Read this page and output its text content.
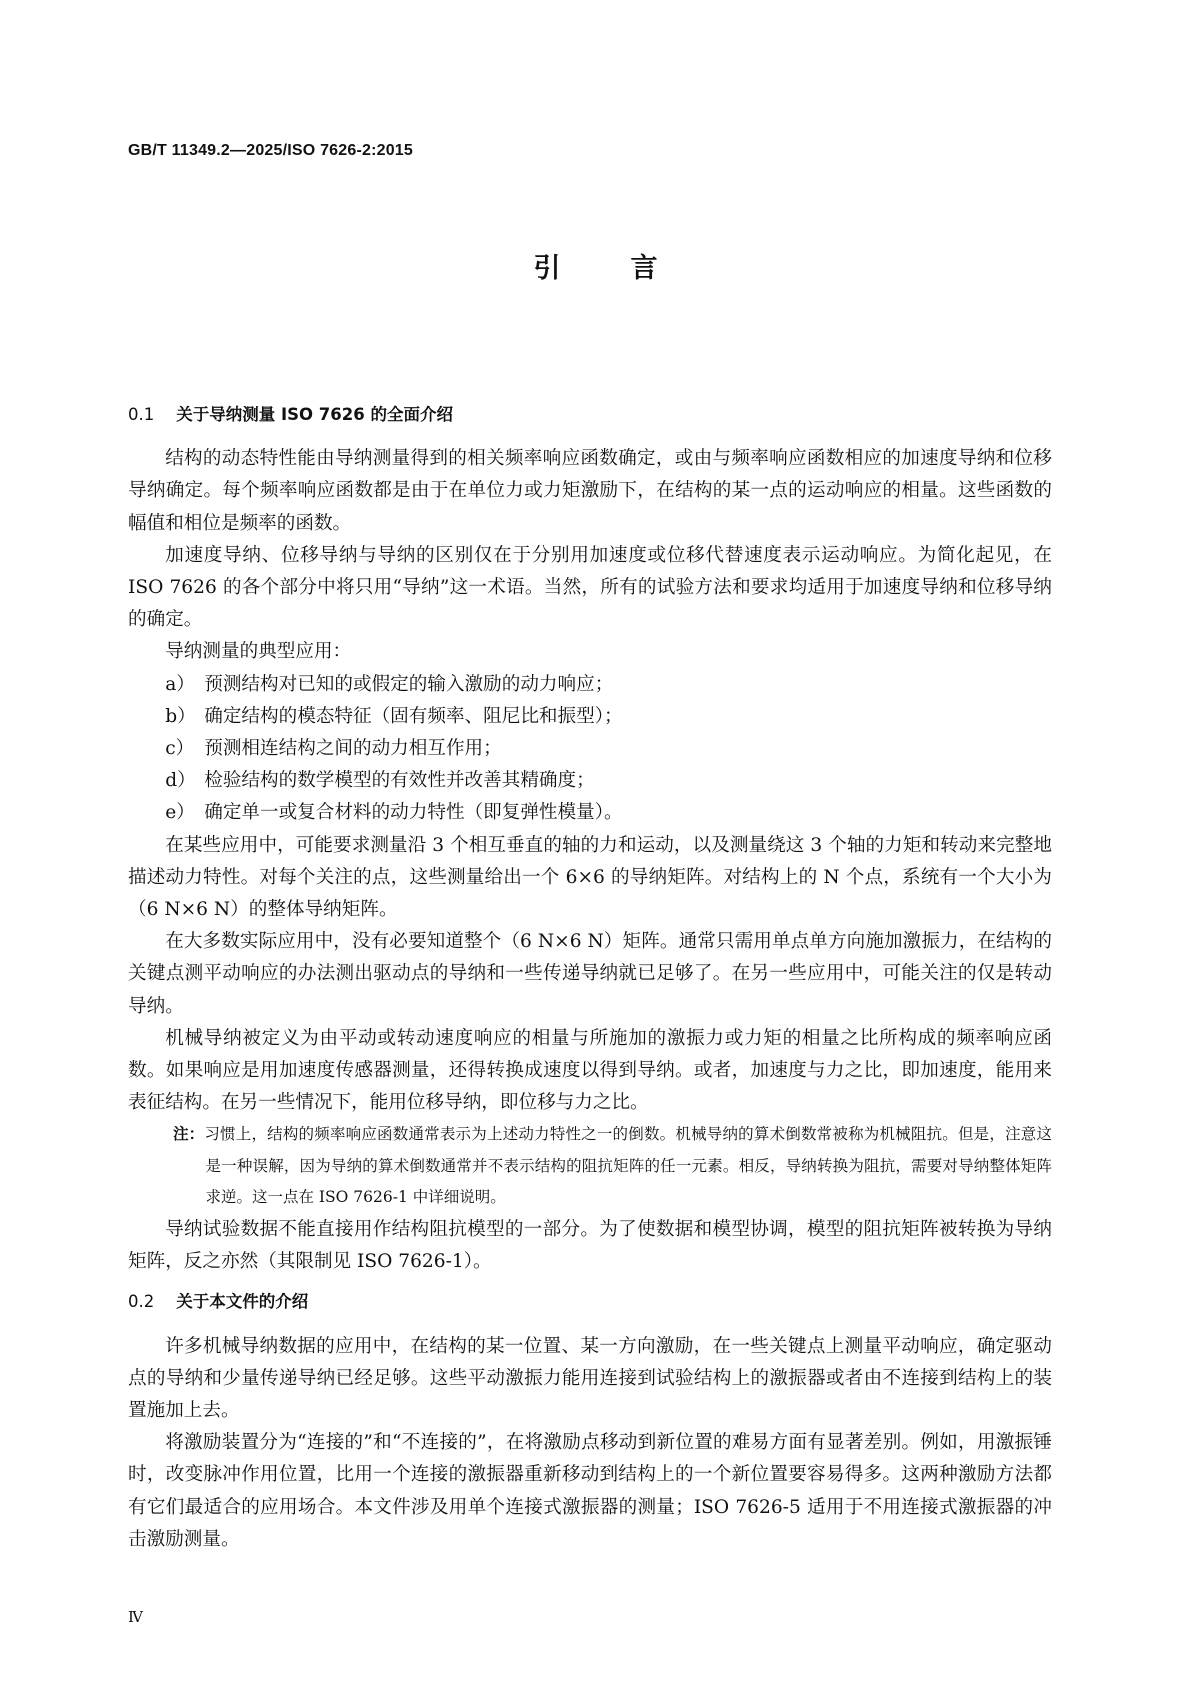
GB/T 11349.2—2025/ISO 7626-2:2015
引言
0.1 关于导纳测量 ISO 7626 的全面介绍

结构的动态特性能由导纳测量得到的相关频率响应函数确定，或由与频率响应函数相应的加速度导纳和位移导纳确定。每个频率响应函数都是由于在单位力或力矩激励下，在结构的某一点的运动响应的相量。这些函数的幅值和相位是频率的函数。

加速度导纳、位移导纳与导纳的区别仅在于分别用加速度或位移代替速度表示运动响应。为简化起见，在 ISO 7626 的各个部分中将只用“导纳”这一术语。当然，所有的试验方法和要求均适用于加速度导纳和位移导纳的确定。

导纳测量的典型应用：

a） 预测结构对已知的或假定的输入激励的动力响应；
b） 确定结构的模态特征（固有频率、阻尼比和振型）；
c） 预测相连结构之间的动力相互作用；
d） 检验结构的数学模型的有效性并改善其精确度；
e） 确定单一或复合材料的动力特性（即复弹性模量）。

在某些应用中，可能要求测量沿 3 个相互垂直的轴的力和运动，以及测量绕这 3 个轴的力矩和转动来完整地描述动力特性。对每个关注的点，这些测量给出一个 6×6 的导纳矩阵。对结构上的 N 个点，系统有一个大小为（6 N×6 N）的整体导纳矩阵。

在大多数实际应用中，没有必要知道整个（6 N×6 N）矩阵。通常只需用单点单方向施加激振力，在结构的关键点测平动响应的办法测出驱动点的导纳和一些传递导纳就已足够了。在另一些应用中，可能关注的仅是转动导纳。

机械导纳被定义为由平动或转动速度响应的相量与所施加的激振力或力矩的相量之比所构成的频率响应函数。如果响应是用加速度传感器测量，还得转换成速度以得到导纳。或者，加速度与力之比，即加速度，能用来表征结构。在另一些情况下，能用位移导纳，即位移与力之比。

注：习惯上，结构的频率响应函数通常表示为上述动力特性之一的倒数。机械导纳的算术倒数常被称为机械阻抗。但是，注意这是一种误解，因为导纳的算术倒数通常并不表示结构的阻抗矩阵的任一元素。相反，导纳转换为阻抗，需要对导纳整体矩阵求逆。这一点在 ISO 7626-1 中详细说明。

导纳试验数据不能直接用作结构阻抗模型的一部分。为了使数据和模型协调，模型的阻抗矩阵被转换为导纳矩阵，反之亦然（其限制见 ISO 7626-1）。

0.2 关于本文件的介绍

许多机械导纳数据的应用中，在结构的某一位置、某一方向激励，在一些关键点上测量平动响应，确定驱动点的导纳和少量传递导纳已经足够。这些平动激振力能用连接到试验结构上的激振器或者由不连接到结构上的装置施加上去。

将激励装置分为“连接的”和“不连接的”，在将激励点移动到新位置的难易方面有显著差别。例如，用激振锤时，改变脉冲作用位置，比用一个连接的激振器重新移动到结构上的一个新位置要容易得多。这两种激励方法都有它们最适合的应用场合。本文件涉及用单个连接式激振器的测量；ISO 7626-5 适用于不用连接式激振器的冲击激励测量。

Ⅳ
